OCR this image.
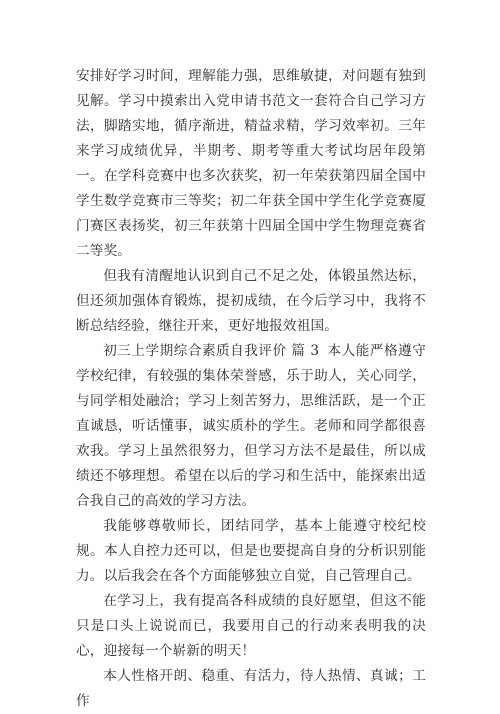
安排好学习时间，理解能力强，思维敏捷，对问题有独到见解。学习中摸索出入党申请书范文一套符合自己学习方法，脚踏实地，循序渐进，精益求精，学习效率初。三年来学习成绩优异，半期考、期考等重大考试均居年段第一。在学科竞赛中也多次获奖，初一年荣获第四届全国中学生数学竞赛市三等奖；初二年获全国中学生化学竞赛厦门赛区表扬奖，初三年获第十四届全国中学生物理竞赛省二等奖。

但我有清醒地认识到自己不足之处，体锻虽然达标，但还须加强体育锻炼，提初成绩，在今后学习中，我将不断总结经验，继往开来，更好地报效祖国。

初三上学期综合素质自我评价 篇 3 本人能严格遵守学校纪律，有较强的集体荣誉感，乐于助人，关心同学，与同学相处融洽；学习上刻苦努力，思维活跃，是一个正直诚恳，听话懂事，诚实质朴的学生。老师和同学都很喜欢我。学习上虽然很努力，但学习方法不是最佳，所以成绩还不够理想。希望在以后的学习和生活中，能探索出适合我自己的高效的学习方法。

我能够尊敬师长，团结同学，基本上能遵守校纪校规。本人自控力还可以，但是也要提高自身的分析识别能力。以后我会在各个方面能够独立自觉，自己管理自己。

在学习上，我有提高各科成绩的良好愿望，但这不能只是口头上说说而已，我要用自己的行动来表明我的决心，迎接每一个崭新的明天！

本人性格开朗、稳重、有活力，待人热情、真诚；工作
